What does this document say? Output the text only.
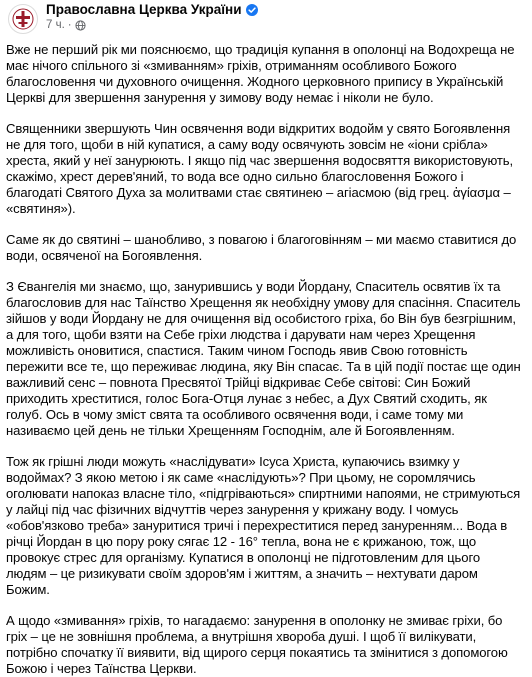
Православна Церква України
7 ч. ·

Вже не перший рік ми пояснюємо, що традиція купання в ополонці на Водохреща не має нічого спільного зі «змиванням» гріхів, отриманням особливого Божого благословення чи духовного очищення. Жодного церковного припису в Українській Церкві для звершення занурення у зимову воду немає і ніколи не було.

Священники звершують Чин освячення води відкритих водойм у свято Богоявлення не для того, щоби в ній купатися, а саму воду освячують зовсім не «іони срібла» хреста, який у неї занурюють. І якщо під час звершення водосвяття використовують, скажімо, хрест дерев'яний, то вода все одно сильно благословення Божого і благодаті Святого Духа за молитвами стає святинею – агіасмою (від грец. ἁγίασμα – «святиня»).

Саме як до святині – шанобливо, з повагою і благоговінням – ми маємо ставитися до води, освяченої на Богоявлення.

З Євангелія ми знаємо, що, занурившись у води Йордану, Спаситель освятив їх та благословив для нас Таїнство Хрещення як необхідну умову для спасіння. Спаситель зійшов у води Йордану не для очищення від особистого гріха, бо Він був безгрішним, а для того, щоби взяти на Себе гріхи людства і дарувати нам через Хрещення можливість оновитися, спастися. Таким чином Господь явив Свою готовність пережити все те, що переживає людина, яку Він спасає. Та в цій події постає ще один важливий сенс – повнота Пресвятої Трійці відкриває Себе світові: Син Божий приходить хреститися, голос Бога-Отця лунає з небес, а Дух Святий сходить, як голуб. Ось в чому зміст свята та особливого освячення води, і саме тому ми називаємо цей день не тільки Хрещенням Господнім, але й Богоявленням.

Тож як грішні люди можуть «наслідувати» Ісуса Христа, купаючись взимку у водоймах? З якою метою і як саме «наслідують»? При цьому, не соромлячись оголювати напоказ власне тіло, «підгріваються» спиртними напоями, не стримуються у лайці під час фізичних відчуттів через занурення у крижану воду. І чомусь «обов'язково треба» зануритися тричі і перехреститися перед зануренням... Вода в річці Йордан в цю пору року сягає 12 - 16° тепла, вона не є крижаною, тож, що провокує стрес для організму. Купатися в ополонці не підготовленим для цього людям – це ризикувати своїм здоров'ям і життям, а значить – нехтувати даром Божим.

А щодо «змивання» гріхів, то нагадаємо: занурення в ополонку не змиває гріхи, бо гріх – це не зовнішня проблема, а внутрішня хвороба душі. І щоб її вилікувати, потрібно спочатку її виявити, від щирого серця покаятись та змінитися з допомогою Божою і через Таїнства Церкви.
